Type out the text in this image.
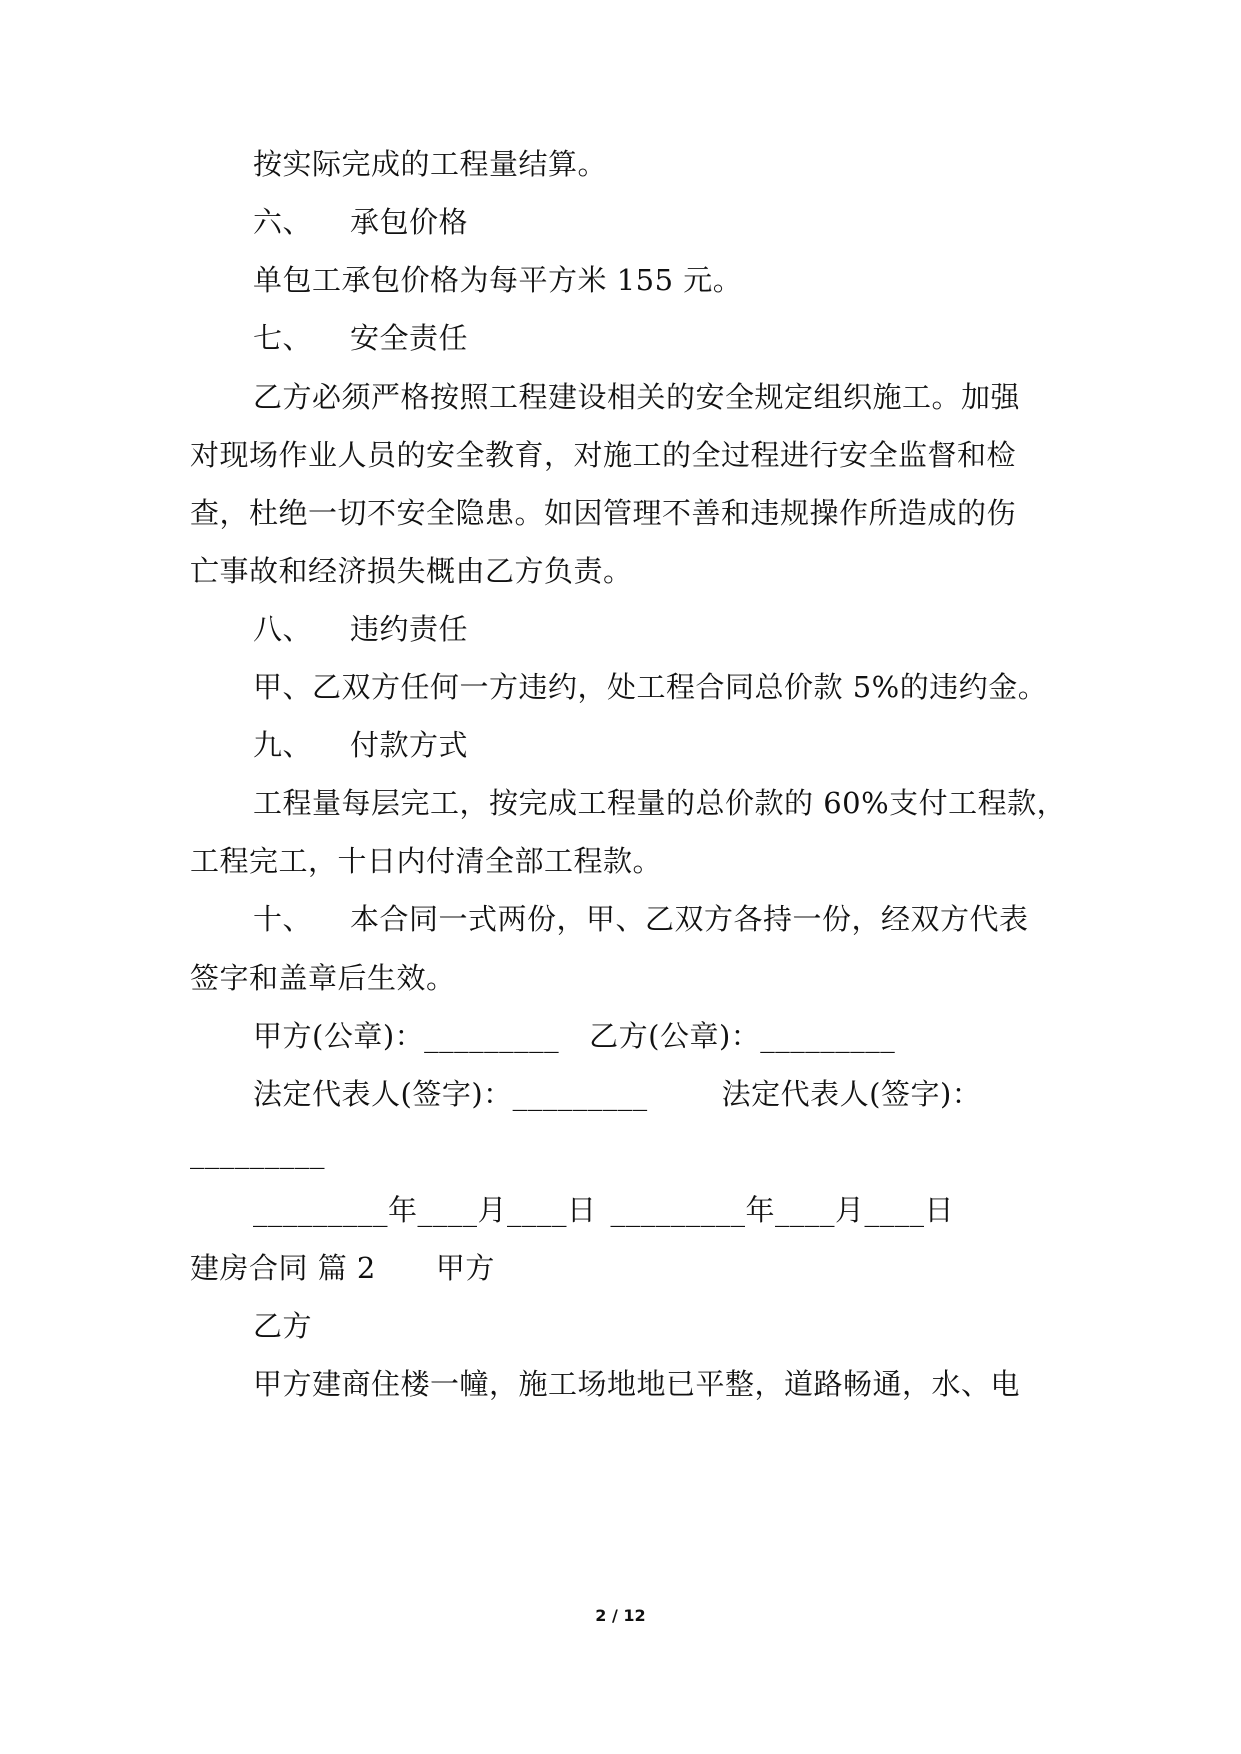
按实际完成的工程量结算。
六、 承包价格
单包工承包价格为每平方米 155 元。
七、 安全责任
乙方必须严格按照工程建设相关的安全规定组织施工。加强
对现场作业人员的安全教育，对施工的全过程进行安全监督和检
查，杜绝一切不安全隐患。如因管理不善和违规操作所造成的伤
亡事故和经济损失概由乙方负责。
八、 违约责任
甲、乙双方任何一方违约，处工程合同总价款 5%的违约金。
九、 付款方式
工程量每层完工，按完成工程量的总价款的 60%支付工程款，
工程完工，十日内付清全部工程款。
十、 本合同一式两份，甲、乙双方各持一份，经双方代表
签字和盖章后生效。
甲方(公章)：_________ 乙方(公章)：_________
法定代表人(签字)：_________	法定代表人(签字)：
_________
_________年____月____日 _________年____月____日
建房合同 篇 2 甲方
乙方
甲方建商住楼一幢，施工场地地已平整，道路畅通，水、电
2 / 12
